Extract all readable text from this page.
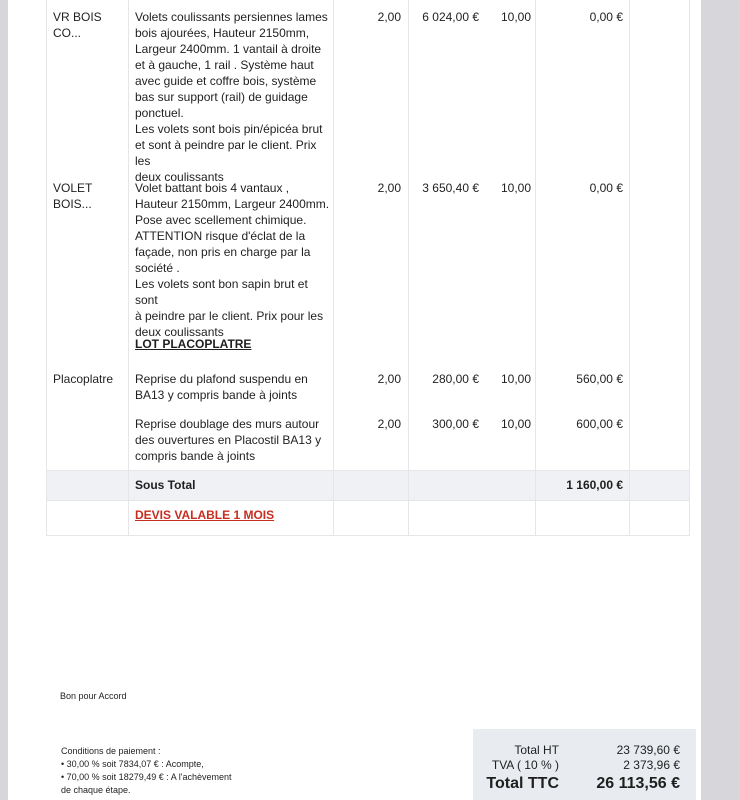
VR BOIS CO...
Volets coulissants persiennes lames
bois ajourées, Hauteur 2150mm,
Largeur 2400mm. 1 vantail à droite
et à gauche, 1 rail . Système haut
avec guide et coffre bois, système
bas sur support (rail) de guidage
ponctuel.
Les volets sont bois pin/épicéa brut
et sont à peindre par le client. Prix les
deux coulissants
2,00	6 024,00 € 10,00	0,00 €
VOLET BOIS...
Volet battant bois 4 vantaux ,
Hauteur 2150mm, Largeur 2400mm.
Pose avec scellement chimique.
ATTENTION risque d'éclat de la
façade, non pris en charge par la
société .
Les volets sont bon sapin brut et sont
à peindre par le client. Prix pour les
deux coulissants
2,00	3 650,40 € 10,00	0,00 €
LOT PLACOPLATRE
Placoplatre	Reprise du plafond suspendu en
BA13 y compris bande à joints
2,00	280,00 € 10,00	560,00 €
Reprise doublage des murs autour
des ouvertures en Placostil BA13 y
compris bande à joints
2,00	300,00 € 10,00	600,00 €
Sous Total	1 160,00 €
DEVIS VALABLE 1 MOIS
Bon pour Accord
Conditions de paiement :
• 30,00 % soit 7834,07 € : Acompte,
• 70,00 % soit 18279,49 € : A l'achèvement
de chaque étape.
Total HT	23 739,60 €
TVA ( 10 % )	2 373,96 €
Total TTC	26 113,56 €
